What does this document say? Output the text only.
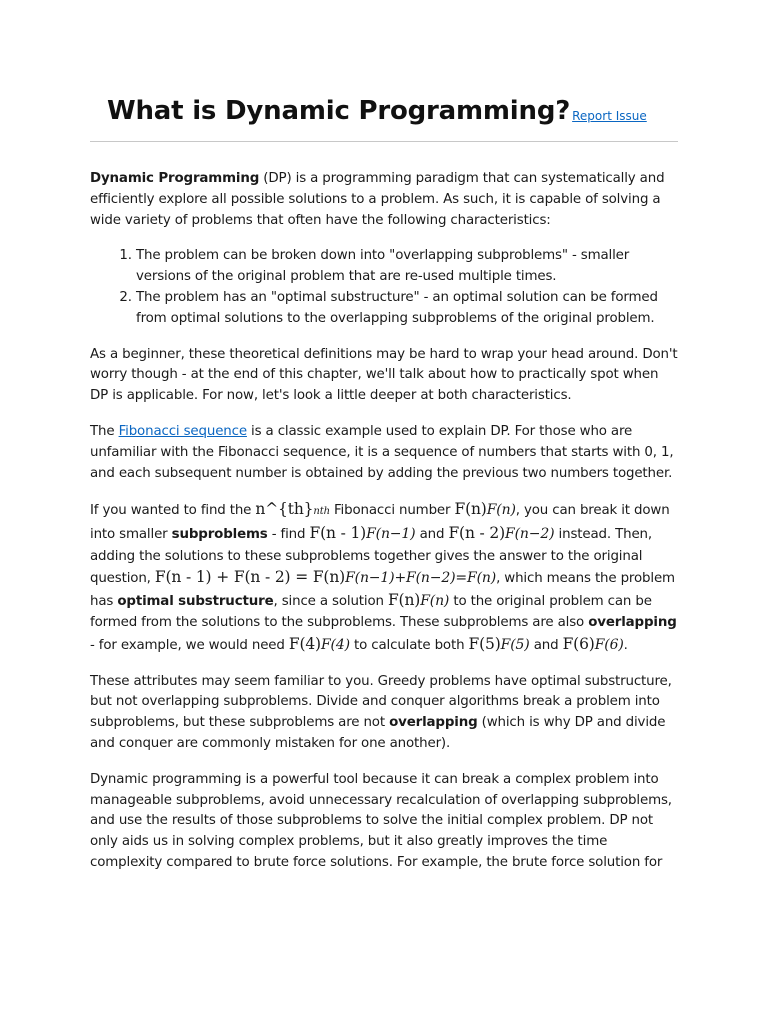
What is Dynamic Programming? Report Issue

Dynamic Programming (DP) is a programming paradigm that can systematically and efficiently explore all possible solutions to a problem. As such, it is capable of solving a wide variety of problems that often have the following characteristics:

1. The problem can be broken down into "overlapping subproblems" - smaller versions of the original problem that are re-used multiple times.
2. The problem has an "optimal substructure" - an optimal solution can be formed from optimal solutions to the overlapping subproblems of the original problem.

As a beginner, these theoretical definitions may be hard to wrap your head around. Don't worry though - at the end of this chapter, we'll talk about how to practically spot when DP is applicable. For now, let's look a little deeper at both characteristics.

The Fibonacci sequence is a classic example used to explain DP. For those who are unfamiliar with the Fibonacci sequence, it is a sequence of numbers that starts with 0, 1, and each subsequent number is obtained by adding the previous two numbers together.

If you wanted to find the n^{th}nth Fibonacci number F(n)F(n), you can break it down into smaller subproblems - find F(n - 1)F(n−1) and F(n - 2)F(n−2) instead. Then, adding the solutions to these subproblems together gives the answer to the original question, F(n - 1) + F(n - 2) = F(n)F(n−1)+F(n−2)=F(n), which means the problem has optimal substructure, since a solution F(n)F(n) to the original problem can be formed from the solutions to the subproblems. These subproblems are also overlapping - for example, we would need F(4)F(4) to calculate both F(5)F(5) and F(6)F(6).

These attributes may seem familiar to you. Greedy problems have optimal substructure, but not overlapping subproblems. Divide and conquer algorithms break a problem into subproblems, but these subproblems are not overlapping (which is why DP and divide and conquer are commonly mistaken for one another).

Dynamic programming is a powerful tool because it can break a complex problem into manageable subproblems, avoid unnecessary recalculation of overlapping subproblems, and use the results of those subproblems to solve the initial complex problem. DP not only aids us in solving complex problems, but it also greatly improves the time complexity compared to brute force solutions. For example, the brute force solution for
